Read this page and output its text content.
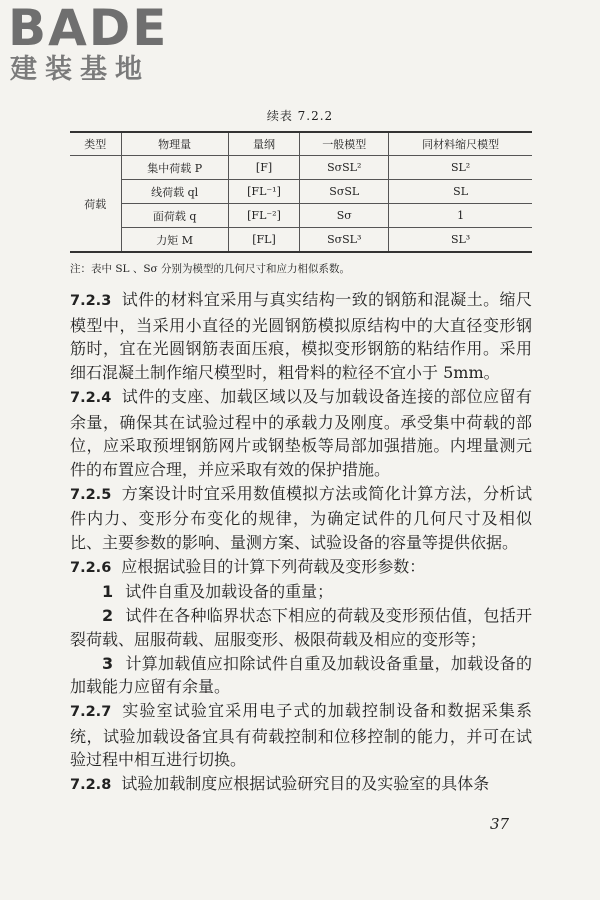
BADE
建装基地
续表 7.2.2
类型	物理量	量纲	一般模型	同材料缩尺模型
荷载	集中荷载 P	[F]	SσSL²	SL²
	线荷载 ql	[FL⁻¹]	SσSL	SL
	面荷载 q	[FL⁻²]	Sσ	1
	力矩 M	[FL]	SσSL³	SL³
注：表中 SL 、Sσ 分别为模型的几何尺寸和应力相似系数。

7.2.3 试件的材料宜采用与真实结构一致的钢筋和混凝土。缩尺模型中，当采用小直径的光圆钢筋模拟原结构中的大直径变形钢筋时，宜在光圆钢筋表面压痕，模拟变形钢筋的粘结作用。采用细石混凝土制作缩尺模型时，粗骨料的粒径不宜小于 5mm。

7.2.4 试件的支座、加载区域以及与加载设备连接的部位应留有余量，确保其在试验过程中的承载力及刚度。承受集中荷载的部位，应采取预埋钢筋网片或钢垫板等局部加强措施。内埋量测元件的布置应合理，并应采取有效的保护措施。

7.2.5 方案设计时宜采用数值模拟方法或简化计算方法，分析试件内力、变形分布变化的规律，为确定试件的几何尺寸及相似比、主要参数的影响、量测方案、试验设备的容量等提供依据。

7.2.6 应根据试验目的计算下列荷载及变形参数：

1 试件自重及加载设备的重量；

2 试件在各种临界状态下相应的荷载及变形预估值，包括开裂荷载、屈服荷载、屈服变形、极限荷载及相应的变形等；

3 计算加载值应扣除试件自重及加载设备重量，加载设备的加载能力应留有余量。

7.2.7 实验室试验宜采用电子式的加载控制设备和数据采集系统，试验加载设备宜具有荷载控制和位移控制的能力，并可在试验过程中相互进行切换。

7.2.8 试验加载制度应根据试验研究目的及实验室的具体条

37
